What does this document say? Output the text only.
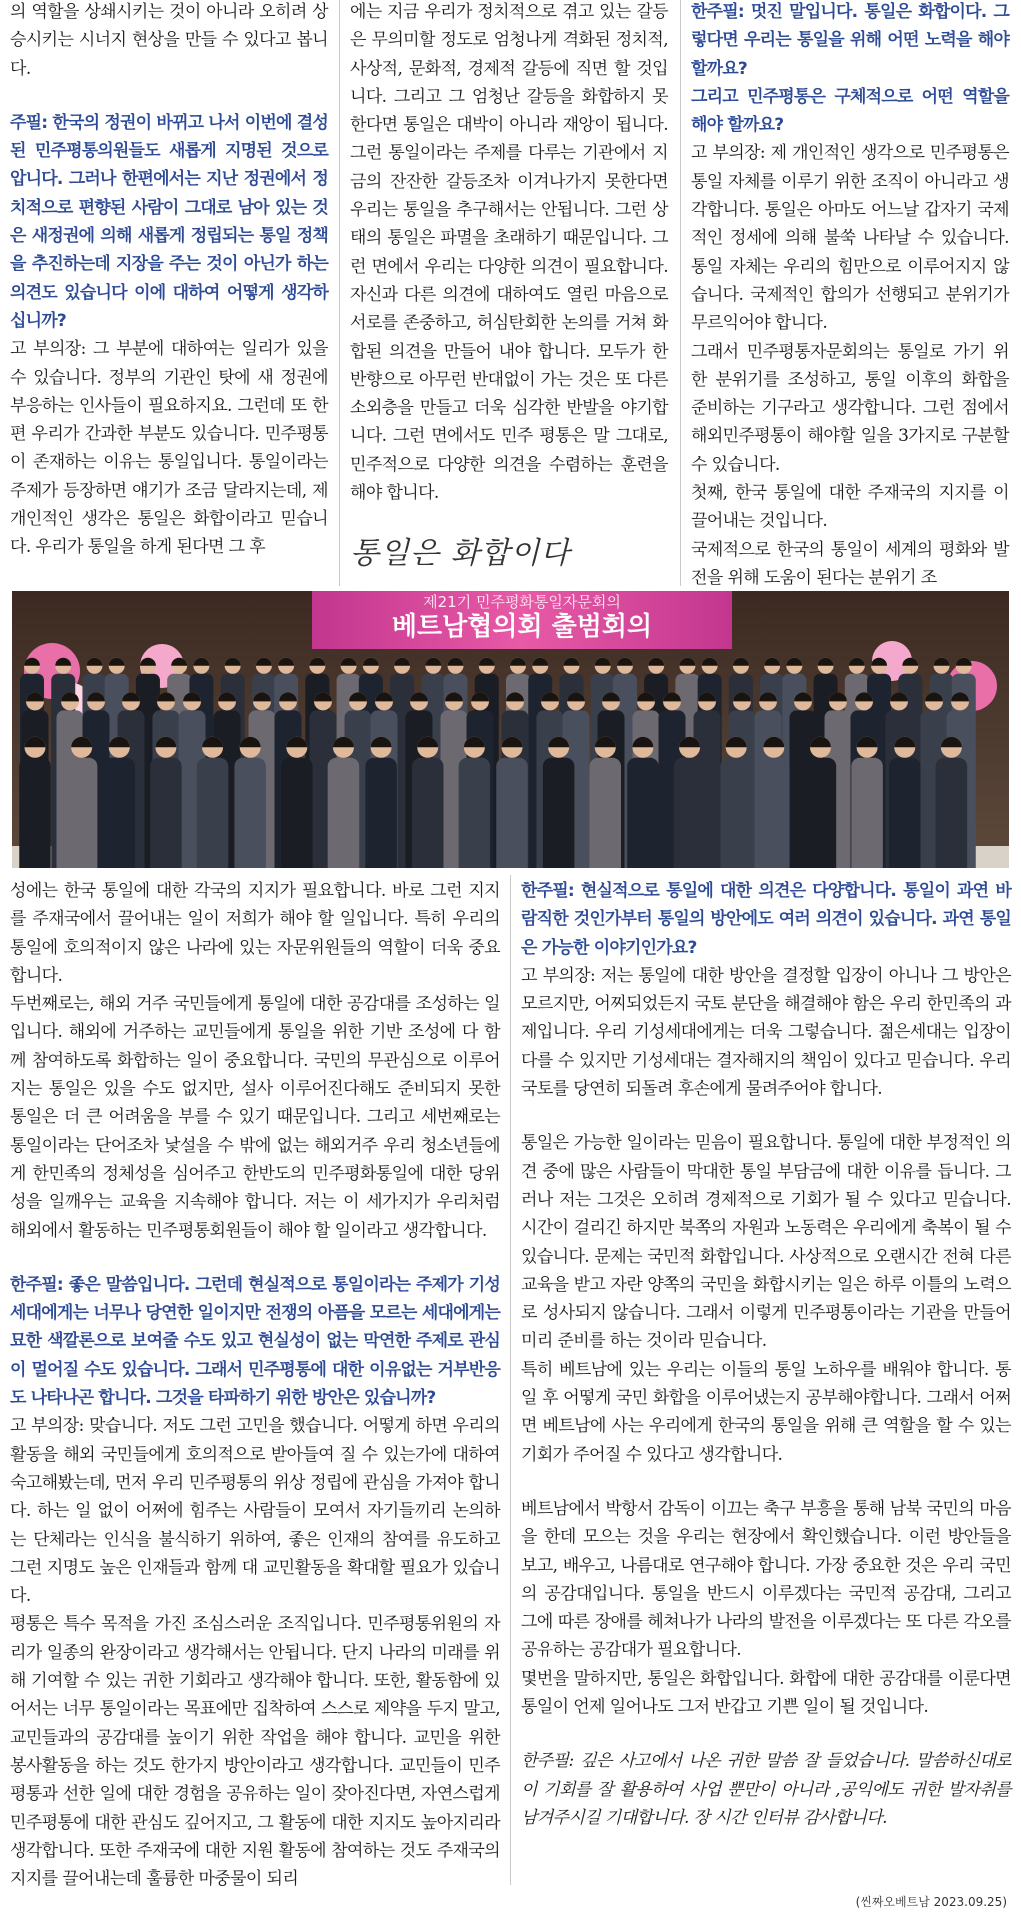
의 역할을 상쇄시키는 것이 아니라 오히려 상승시키는 시너지 현상을 만들 수 있다고 봅니다.

주필: 한국의 정권이 바뀌고 나서 이번에 결성된 민주평통의원들도 새롭게 지명된 것으로 압니다. 그러나 한편에서는 지난 정권에서 정치적으로 편향된 사람이 그대로 남아 있는 것은 새정권에 의해 새롭게 정립되는 통일 정책을 추진하는데 지장을 주는 것이 아닌가 하는 의견도 있습니다 이에 대하여 어떻게 생각하십니까?

고 부의장: 그 부분에 대하여는 일리가 있을 수 있습니다. 정부의 기관인 탓에 새 정권에 부응하는 인사들이 필요하지요. 그런데 또 한편 우리가 간과한 부분도 있습니다. 민주평통이 존재하는 이유는 통일입니다. 통일이라는 주제가 등장하면 얘기가 조금 달라지는데, 제 개인적인 생각은 통일은 화합이라고 믿습니다. 우리가 통일을 하게 된다면 그 후

에는 지금 우리가 정치적으로 겪고 있는 갈등은 무의미할 정도로 엄청나게 격화된 정치적, 사상적, 문화적, 경제적 갈등에 직면 할 것입니다. 그리고 그 엄청난 갈등을 화합하지 못한다면 통일은 대박이 아니라 재앙이 됩니다. 그런 통일이라는 주제를 다루는 기관에서 지금의 잔잔한 갈등조차 이겨나가지 못한다면 우리는 통일을 추구해서는 안됩니다. 그런 상태의 통일은 파멸을 초래하기 때문입니다. 그런 면에서 우리는 다양한 의견이 필요합니다. 자신과 다른 의견에 대하여도 열린 마음으로 서로를 존중하고, 허심탄회한 논의를 거쳐 화합된 의견을 만들어 내야 합니다. 모두가 한 반향으로 아무런 반대없이 가는 것은 또 다른 소외층을 만들고 더욱 심각한 반발을 야기합니다. 그런 면에서도 민주 평통은 말 그대로, 민주적으로 다양한 의견을 수렴하는 훈련을 해야 합니다.

통일은 화합이다

한주필: 멋진 말입니다. 통일은 화합이다. 그렇다면 우리는 통일을 위해 어떤 노력을 해야 할까요?

그리고 민주평통은 구체적으로 어떤 역할을 해야 할까요?

고 부의장: 제 개인적인 생각으로 민주평통은 통일 자체를 이루기 위한 조직이 아니라고 생각합니다. 통일은 아마도 어느날 갑자기 국제적인 정세에 의해 불쑥 나타날 수 있습니다. 통일 자체는 우리의 힘만으로 이루어지지 않습니다. 국제적인 합의가 선행되고 분위기가 무르익어야 합니다.

그래서 민주평통자문회의는 통일로 가기 위한 분위기를 조성하고, 통일 이후의 화합을 준비하는 기구라고 생각합니다. 그런 점에서 해외민주평통이 해야할 일을 3가지로 구분할 수 있습니다.

첫째, 한국 통일에 대한 주재국의 지지를 이끌어내는 것입니다.

국제적으로 한국의 통일이 세계의 평화와 발전을 위해 도움이 된다는 분위기 조

제21기 민주평화통일자문회의
베트남협의회 출범회의

성에는 한국 통일에 대한 각국의 지지가 필요합니다. 바로 그런 지지를 주재국에서 끌어내는 일이 저희가 해야 할 일입니다. 특히 우리의 통일에 호의적이지 않은 나라에 있는 자문위원들의 역할이 더욱 중요합니다.

두번째로는, 해외 거주 국민들에게 통일에 대한 공감대를 조성하는 일입니다. 해외에 거주하는 교민들에게 통일을 위한 기반 조성에 다 함께 참여하도록 화합하는 일이 중요합니다. 국민의 무관심으로 이루어지는 통일은 있을 수도 없지만, 설사 이루어진다해도 준비되지 못한 통일은 더 큰 어려움을 부를 수 있기 때문입니다. 그리고 세번째로는 통일이라는 단어조차 낯설을 수 밖에 없는 해외거주 우리 청소년들에게 한민족의 정체성을 심어주고 한반도의 민주평화통일에 대한 당위성을 일깨우는 교육을 지속해야 합니다. 저는 이 세가지가 우리처럼 해외에서 활동하는 민주평통회원들이 해야 할 일이라고 생각합니다.

한주필: 좋은 말씀입니다. 그런데 현실적으로 통일이라는 주제가 기성세대에게는 너무나 당연한 일이지만 전쟁의 아픔을 모르는 세대에게는 묘한 색깔론으로 보여줄 수도 있고 현실성이 없는 막연한 주제로 관심이 멀어질 수도 있습니다. 그래서 민주평통에 대한 이유없는 거부반응도 나타나곤 합니다. 그것을 타파하기 위한 방안은 있습니까?

고 부의장: 맞습니다. 저도 그런 고민을 했습니다. 어떻게 하면 우리의 활동을 해외 국민들에게 호의적으로 받아들여 질 수 있는가에 대하여 숙고해봤는데, 먼저 우리 민주평통의 위상 정립에 관심을 가져야 합니다. 하는 일 없이 어쩌에 힘주는 사람들이 모여서 자기들끼리 논의하는 단체라는 인식을 불식하기 위하여, 좋은 인재의 참여를 유도하고 그런 지명도 높은 인재들과 함께 대 교민활동을 확대할 필요가 있습니다.

평통은 특수 목적을 가진 조심스러운 조직입니다. 민주평통위원의 자리가 일종의 완장이라고 생각해서는 안됩니다. 단지 나라의 미래를 위해 기여할 수 있는 귀한 기회라고 생각해야 합니다. 또한, 활동함에 있어서는 너무 통일이라는 목표에만 집착하여 스스로 제약을 두지 말고, 교민들과의 공감대를 높이기 위한 작업을 해야 합니다. 교민을 위한 봉사활동을 하는 것도 한가지 방안이라고 생각합니다. 교민들이 민주평통과 선한 일에 대한 경험을 공유하는 일이 잦아진다면, 자연스럽게 민주평통에 대한 관심도 깊어지고, 그 활동에 대한 지지도 높아지리라 생각합니다. 또한 주재국에 대한 지원 활동에 참여하는 것도 주재국의 지지를 끌어내는데 훌륭한 마중물이 되리

한주필: 현실적으로 통일에 대한 의견은 다양합니다. 통일이 과연 바람직한 것인가부터 통일의 방안에도 여러 의견이 있습니다. 과연 통일은 가능한 이야기인가요?

고 부의장: 저는 통일에 대한 방안을 결정할 입장이 아니나 그 방안은 모르지만, 어찌되었든지 국토 분단을 해결해야 함은 우리 한민족의 과제입니다. 우리 기성세대에게는 더욱 그렇습니다. 젊은세대는 입장이 다를 수 있지만 기성세대는 결자해지의 책임이 있다고 믿습니다. 우리국토를 당연히 되돌려 후손에게 물려주어야 합니다.

통일은 가능한 일이라는 믿음이 필요합니다. 통일에 대한 부정적인 의견 중에 많은 사람들이 막대한 통일 부담금에 대한 이유를 듭니다. 그러나 저는 그것은 오히려 경제적으로 기회가 될 수 있다고 믿습니다. 시간이 걸리긴 하지만 북쪽의 자원과 노동력은 우리에게 축복이 될 수 있습니다. 문제는 국민적 화합입니다. 사상적으로 오랜시간 전혀 다른 교육을 받고 자란 양쪽의 국민을 화합시키는 일은 하루 이틀의 노력으로 성사되지 않습니다. 그래서 이렇게 민주평통이라는 기관을 만들어 미리 준비를 하는 것이라 믿습니다.

특히 베트남에 있는 우리는 이들의 통일 노하우를 배워야 합니다. 통일 후 어떻게 국민 화합을 이루어냈는지 공부해야합니다. 그래서 어쩌면 베트남에 사는 우리에게 한국의 통일을 위해 큰 역할을 할 수 있는 기회가 주어질 수 있다고 생각합니다.

베트남에서 박항서 감독이 이끄는 축구 부흥을 통해 남북 국민의 마음을 한데 모으는 것을 우리는 현장에서 확인했습니다. 이런 방안들을 보고, 배우고, 나름대로 연구해야 합니다. 가장 중요한 것은 우리 국민의 공감대입니다. 통일을 반드시 이루겠다는 국민적 공감대, 그리고 그에 따른 장애를 헤쳐나가 나라의 발전을 이루겠다는 또 다른 각오를 공유하는 공감대가 필요합니다.

몇번을 말하지만, 통일은 화합입니다. 화합에 대한 공감대를 이룬다면 통일이 언제 일어나도 그저 반갑고 기쁜 일이 될 것입니다.

한주필: 깊은 사고에서 나온 귀한 말씀 잘 들었습니다. 말씀하신대로 이 기회를 잘 활용하여 사업 뿐만이 아니라 ,공익에도 귀한 발자취를 남겨주시길 기대합니다. 장 시간 인터뷰 감사합니다.

(씬짜오베트남 2023.09.25)
